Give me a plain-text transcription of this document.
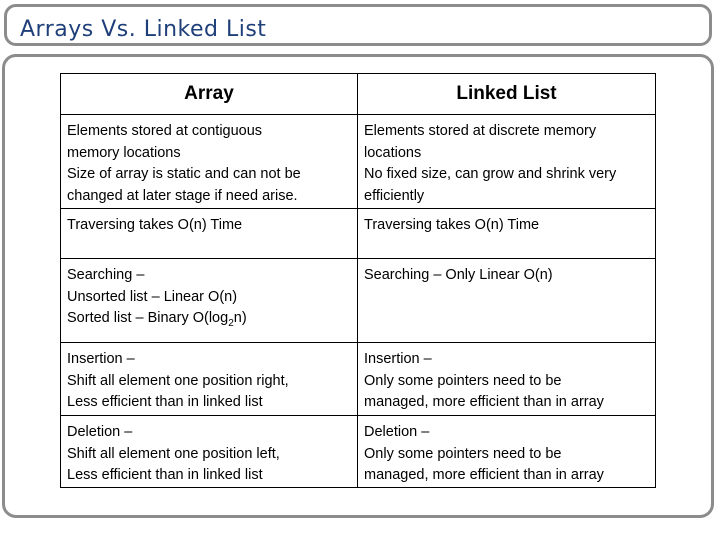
Arrays Vs. Linked List
Array	Linked List

Elements stored at contiguous
memory locations
Size of array is static and can not be
changed at later stage if need arise.	Elements stored at discrete memory
locations
No fixed size, can grow and shrink very
efficiently

Traversing takes O(n) Time	Traversing takes O(n) Time

Searching –
Unsorted list – Linear O(n)
Sorted list – Binary $O(\log_2n)$	Searching – Only Linear O(n)

Insertion –
Shift all element one position right,
Less efficient than in linked list	Insertion –
Only some pointers need to be
managed, more efficient than in array

Deletion –
Shift all element one position left,
Less efficient than in linked list	Deletion –
Only some pointers need to be
managed, more efficient than in array
